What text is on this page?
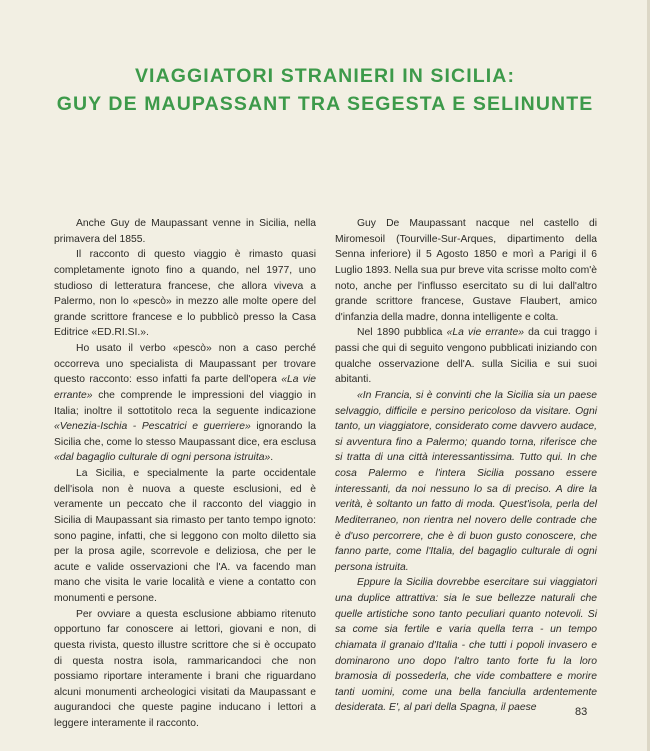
VIAGGIATORI STRANIERI IN SICILIA:
GUY DE MAUPASSANT TRA SEGESTA E SELINUNTE

Anche Guy de Maupassant venne in Sicilia, nella primavera del 1855.

Il racconto di questo viaggio è rimasto quasi completamente ignoto fino a quando, nel 1977, uno studioso di letteratura francese, che allora viveva a Palermo, non lo «pescò» in mezzo alle molte opere del grande scrittore francese e lo pubblicò presso la Casa Editrice «ED.RI.SI.».

Ho usato il verbo «pescò» non a caso perché occorreva uno specialista di Maupassant per trovare questo racconto: esso infatti fa parte dell'opera «La vie errante» che comprende le impressioni del viaggio in Italia; inoltre il sottotitolo reca la seguente indicazione «Venezia-Ischia - Pescatrici e guerriere» ignorando la Sicilia che, come lo stesso Maupassant dice, era esclusa «dal bagaglio culturale di ogni persona istruita».

La Sicilia, e specialmente la parte occidentale dell'isola non è nuova a queste esclusioni, ed è veramente un peccato che il racconto del viaggio in Sicilia di Maupassant sia rimasto per tanto tempo ignoto: sono pagine, infatti, che si leggono con molto diletto sia per la prosa agile, scorrevole e deliziosa, che per le acute e valide osservazioni che l'A. va facendo man mano che visita le varie località e viene a contatto con monumenti e persone.

Per ovviare a questa esclusione abbiamo ritenuto opportuno far conoscere ai lettori, giovani e non, di questa rivista, questo illustre scrittore che si è occupato di questa nostra isola, rammaricandoci che non possiamo riportare interamente i brani che riguardano alcuni monumenti archeologici visitati da Maupassant e augurandoci che queste pagine inducano i lettori a leggere interamente il racconto.

Guy De Maupassant nacque nel castello di Miromesoil (Tourville-Sur-Arques, dipartimento della Senna inferiore) il 5 Agosto 1850 e morì a Parigi il 6 Luglio 1893. Nella sua pur breve vita scrisse molto com'è noto, anche per l'influsso esercitato su di lui dall'altro grande scrittore francese, Gustave Flaubert, amico d'infanzia della madre, donna intelligente e colta.

Nel 1890 pubblica «La vie errante» da cui traggo i passi che qui di seguito vengono pubblicati iniziando con qualche osservazione dell'A. sulla Sicilia e sui suoi abitanti.

«In Francia, si è convinti che la Sicilia sia un paese selvaggio, difficile e persino pericoloso da visitare. Ogni tanto, un viaggiatore, considerato come davvero audace, si avventura fino a Palermo; quando torna, riferisce che si tratta di una città interessantissima. Tutto qui. In che cosa Palermo e l'intera Sicilia possano essere interessanti, da noi nessuno lo sa di preciso. A dire la verità, è soltanto un fatto di moda. Quest'isola, perla del Mediterraneo, non rientra nel novero delle contrade che è d'uso percorrere, che è di buon gusto conoscere, che fanno parte, come l'Italia, del bagaglio culturale di ogni persona istruita.

Eppure la Sicilia dovrebbe esercitare sui viaggiatori una duplice attrattiva: sia le sue bellezze naturali che quelle artistiche sono tanto peculiari quanto notevoli. Si sa come sia fertile e varia quella terra - un tempo chiamata il granaio d'Italia - che tutti i popoli invasero e dominarono uno dopo l'altro tanto forte fu la loro bramosia di possederla, che vide combattere e morire tanti uomini, come una bella fanciulla ardentemente desiderata. E', al pari della Spagna, il paese	83
